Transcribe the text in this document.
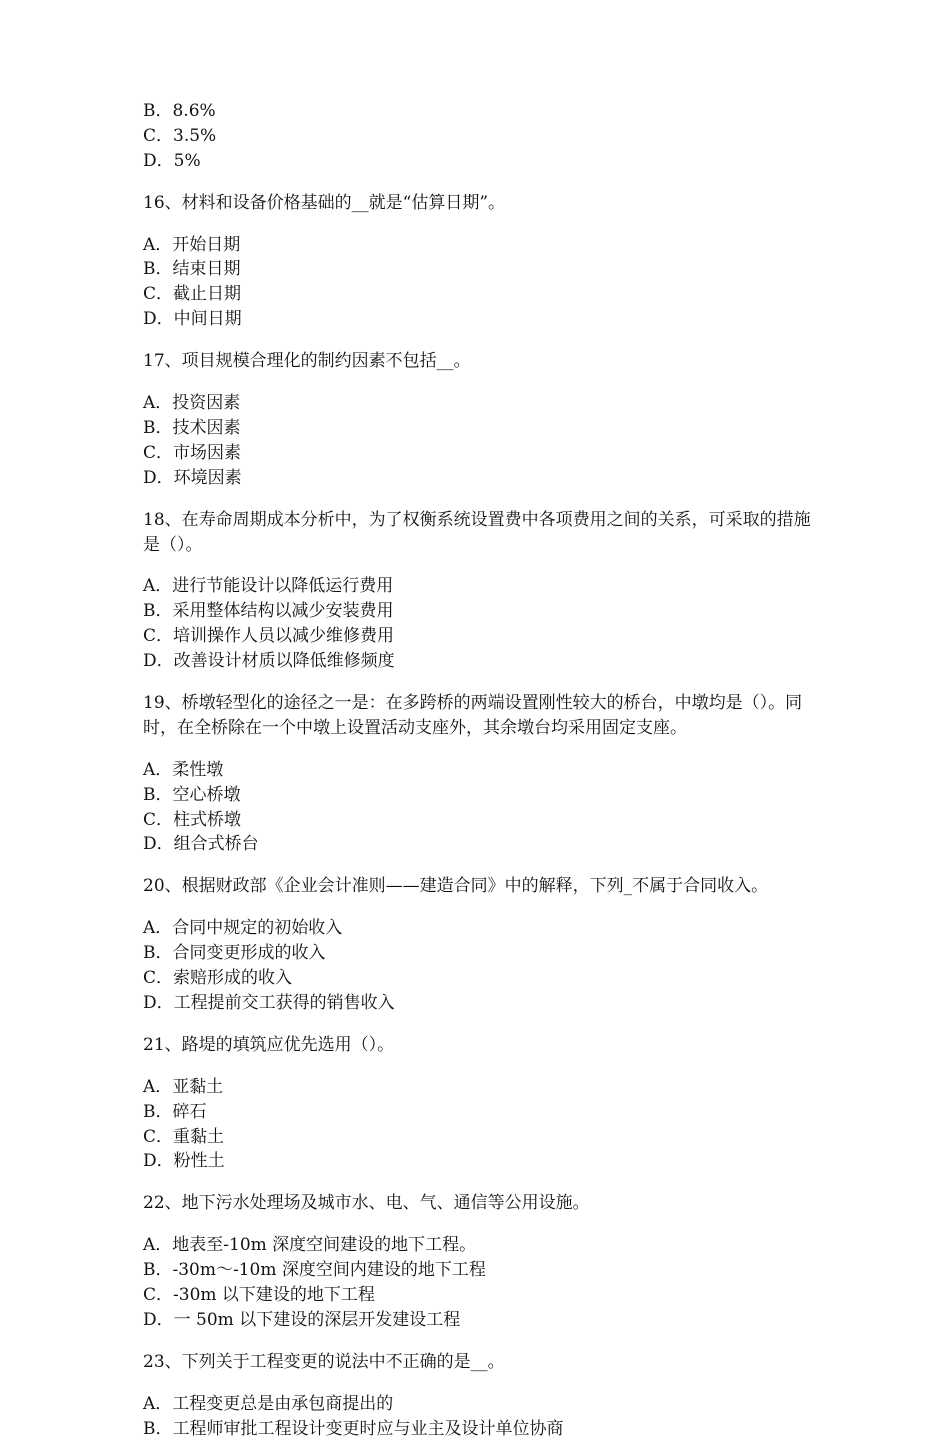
B．8.6%

C．3.5%

D．5%

16、材料和设备价格基础的__就是“估算日期”。

A．开始日期

B．结束日期

C．截止日期

D．中间日期

17、项目规模合理化的制约因素不包括__。

A．投资因素

B．技术因素

C．市场因素

D．环境因素

18、在寿命周期成本分析中，为了权衡系统设置费中各项费用之间的关系，可采取的措施是（）。

A．进行节能设计以降低运行费用

B．采用整体结构以减少安装费用

C．培训操作人员以减少维修费用

D．改善设计材质以降低维修频度

19、桥墩轻型化的途径之一是：在多跨桥的两端设置刚性较大的桥台，中墩均是（）。同时，在全桥除在一个中墩上设置活动支座外，其余墩台均采用固定支座。

A．柔性墩

B．空心桥墩

C．柱式桥墩

D．组合式桥台

20、根据财政部《企业会计准则——建造合同》中的解释，下列_不属于合同收入。

A．合同中规定的初始收入

B．合同变更形成的收入

C．索赔形成的收入

D．工程提前交工获得的销售收入

21、路堤的填筑应优先选用（）。

A．亚黏土

B．碎石

C．重黏土

D．粉性土

22、地下污水处理场及城市水、电、气、通信等公用设施。

A．地表至-10m 深度空间建设的地下工程。

B．-30m～-10m 深度空间内建设的地下工程

C．-30m 以下建设的地下工程

D．一 50m 以下建设的深层开发建设工程

23、下列关于工程变更的说法中不正确的是__。

A．工程变更总是由承包商提出的

B．工程师审批工程设计变更时应与业主及设计单位协商
